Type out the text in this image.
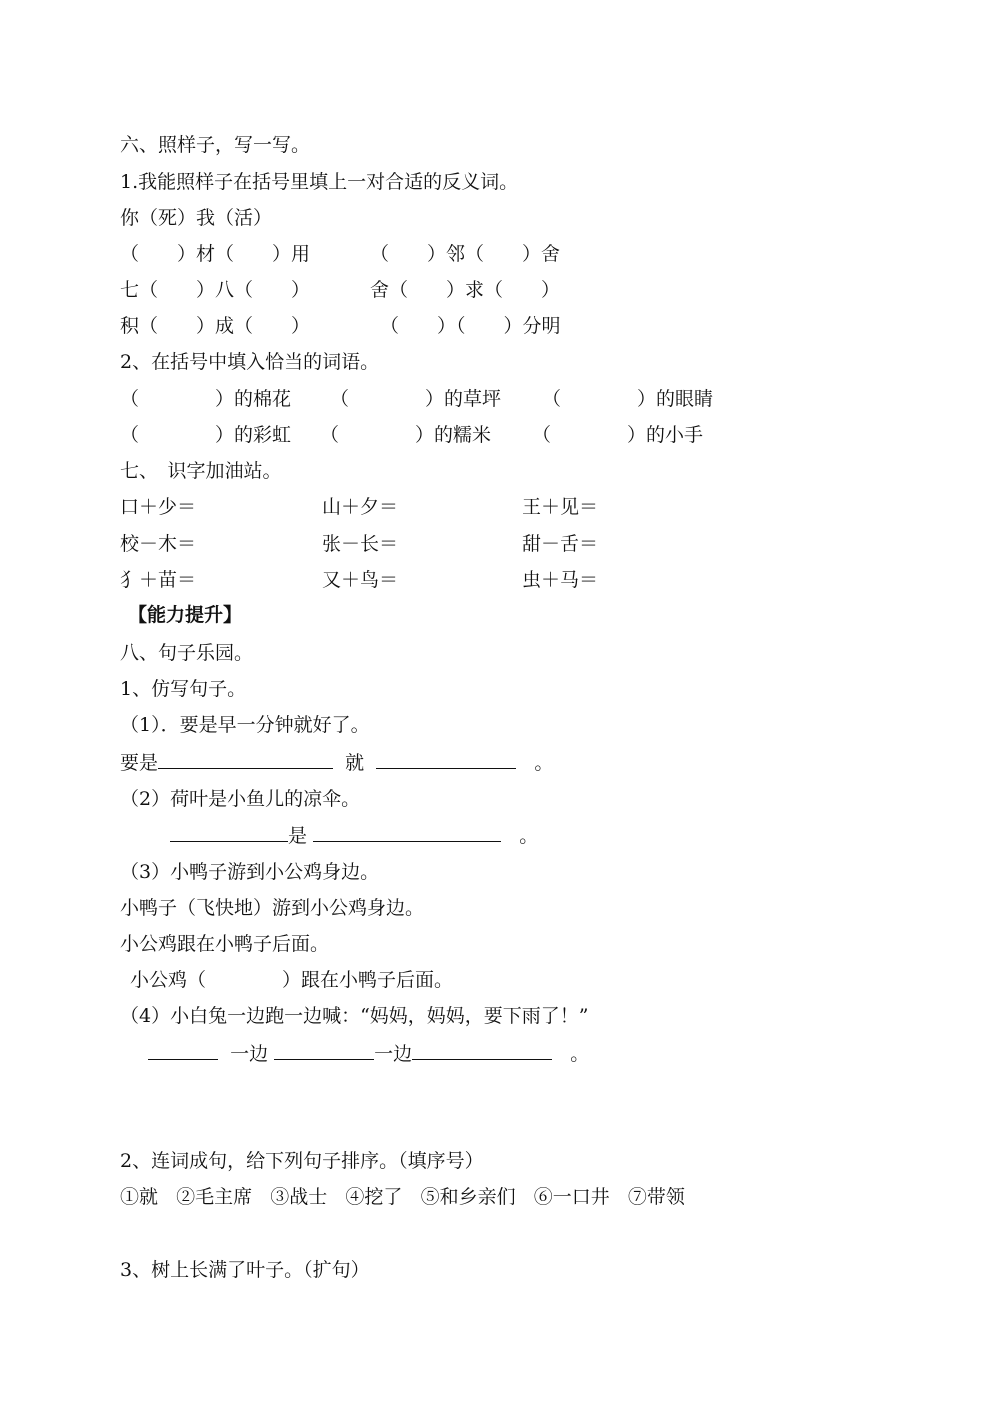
六、照样子，写一写。
1.我能照样子在括号里填上一对合适的反义词。
你（死）我（活）
（　　）材（　　）用	（　　）邻（　　）舍
七（　　）八（　　）	舍（　　）求（　　）
积（　　）成（　　）	（　　）（　　）分明
2、在括号中填入恰当的词语。
（　　　　）的棉花 （　　　　）的草坪 （　　　　）的眼睛
（　　　　）的彩虹 （　　　　）的糯米 （　　　　）的小手
七、　识字加油站。
口＋少＝	山＋夕＝	王＋见＝
校－木＝	张－长＝	甜－舌＝
犭＋苗＝	又＋鸟＝	虫＋马＝
【能力提升】
八、句子乐园。
1、仿写句子。
（1）．要是早一分钟就好了。
要是	就	。
（2）荷叶是小鱼儿的凉伞。
是	。
（3）小鸭子游到小公鸡身边。
小鸭子（飞快地）游到小公鸡身边。
小公鸡跟在小鸭子后面。
小公鸡（　　　　）跟在小鸭子后面。
（4）小白兔一边跑一边喊：“妈妈，妈妈，要下雨了！”
一边	一边	。
2、连词成句，给下列句子排序。（填序号）
①就 ②毛主席 ③战士 ④挖了 ⑤和乡亲们 ⑥一口井 ⑦带领
3、树上长满了叶子。（扩句）
